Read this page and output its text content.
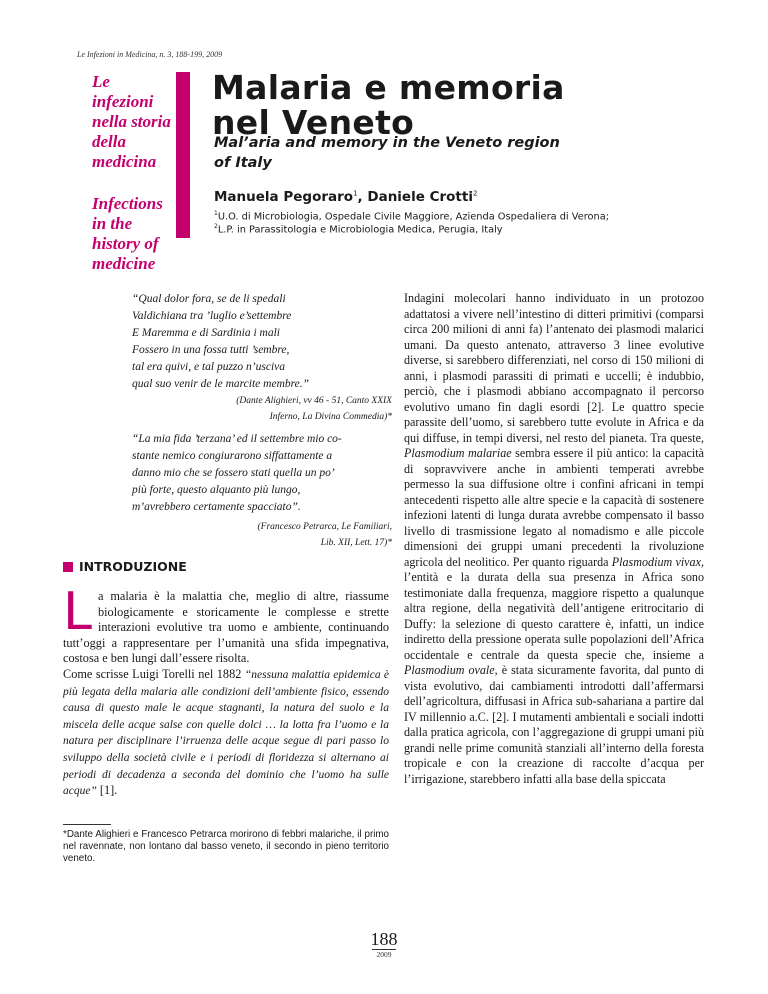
Le Infezioni in Medicina, n. 3, 188-199, 2009
Le infezioni nella storia della medicina
Infections in the history of medicine
Malaria e memoria
nel Veneto
Mal’aria and memory in the Veneto region
of Italy
Manuela Pegoraro$^1$, Daniele Crotti$^2$
$^1$U.O. di Microbiologia, Ospedale Civile Maggiore, Azienda Ospedaliera di Verona;
$^2$L.P. in Parassitologia e Microbiologia Medica, Perugia, Italy
“Qual dolor fora, se de li spedali
Valdichiana tra ’luglio e’settembre
E Maremma e di Sardinia i mali
Fossero in una fossa tutti ’sembre,
tal era quivi, e tal puzzo n’usciva
qual suo venir de le marcite membre.”
(Dante Alighieri, vv 46 - 51, Canto XXIX
Inferno, La Divina Commedia)*
“La mia fida ’terzana’ ed il settembre mio co-
stante nemico congiurarono siffattamente a
danno mio che se fossero stati quella un po’
più forte, questo alquanto più lungo,
m’avrebbero certamente spacciato”.
(Francesco Petrarca, Le Familiari,
Lib. XII, Lett. 17)*
INTRODUZIONE
La malaria è la malattia che, meglio di altre, riassume biologicamente e storicamente le complesse e strette interazioni evolutive tra uomo e ambiente, continuando tutt’oggi a rappresentare per l’umanità una sfida impegnativa, costosa e ben lungi dall’essere risolta.
Come scrisse Luigi Torelli nel 1882 “nessuna malattia epidemica è più legata della malaria alle condizioni dell’ambiente fisico, essendo causa di questo male le acque stagnanti, la natura del suolo e la miscela delle acque salse con quelle dolci … la lotta fra l’uomo e la natura per disciplinare l’irruenza delle acque segue di pari passo lo sviluppo della società civile e i periodi di floridezza si alternano ai periodi di decadenza a seconda del dominio che l’uomo ha sulle acque” [1].
*Dante Alighieri e Francesco Petrarca morirono di febbri malariche, il primo nel ravennate, non lontano dal basso veneto, il secondo in pieno territorio veneto.
Indagini molecolari hanno individuato in un protozoo adattatosi a vivere nell’intestino di ditteri primitivi (comparsi circa 200 milioni di anni fa) l’antenato dei plasmodi malarici umani. Da questo antenato, attraverso 3 linee evolutive diverse, si sarebbero differenziati, nel corso di 150 milioni di anni, i plasmodi parassiti di primati e uccelli; è indubbio, perciò, che i plasmodi abbiano accompagnato il percorso evolutivo umano fin dagli esordi [2]. Le quattro specie parassite dell’uomo, si sarebbero tutte evolute in Africa e da qui diffuse, in tempi diversi, nel resto del pianeta. Tra queste, Plasmodium malariae sembra essere il più antico: la capacità di sopravvivere anche in ambienti temperati avrebbe permesso la sua diffusione oltre i confini africani in tempi antecedenti rispetto alle altre specie e la capacità di sostenere infezioni latenti di lunga durata avrebbe compensato il basso livello di trasmissione legato al nomadismo e alle piccole dimensioni dei gruppi umani precedenti la rivoluzione agricola del neolitico. Per quanto riguarda Plasmodium vivax, l’entità e la durata della sua presenza in Africa sono testimoniate dalla frequenza, maggiore rispetto a qualunque altra regione, della negatività dell’antigene eritrocitario di Duffy: la selezione di questo carattere è, infatti, un indice indiretto della pressione operata sulle popolazioni dell’Africa occidentale e centrale da questa specie che, insieme a Plasmodium ovale, è stata sicuramente favorita, dal punto di vista evolutivo, dai cambiamenti introdotti dall’affermarsi dell’agricoltura, diffusasi in Africa sub-sahariana a partire dal IV millennio a.C. [2]. I mutamenti ambientali e sociali indotti dalla pratica agricola, con l’aggregazione di gruppi umani più grandi nelle prime comunità stanziali all’interno della foresta tropicale e con la creazione di raccolte d’acqua per l’irrigazione, starebbero infatti alla base della spiccata
188
2009
